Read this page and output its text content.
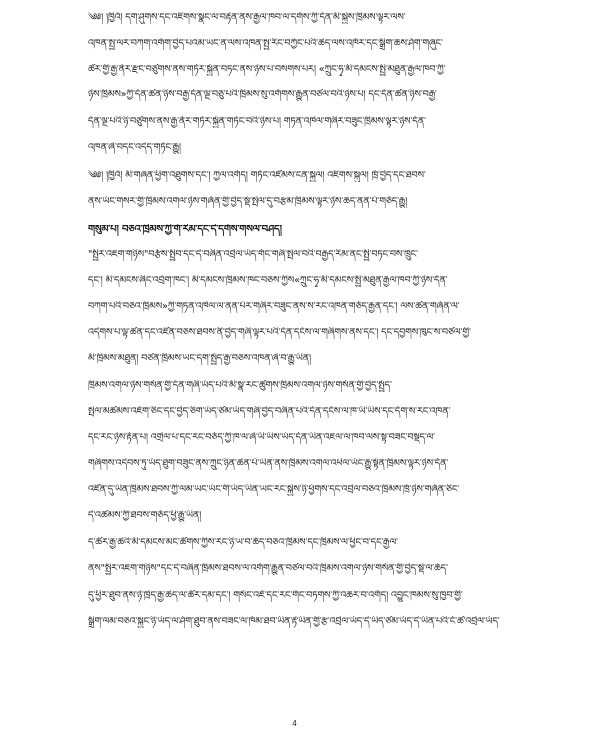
༄༅། །ཁྱིའོ། དག་ཤུགས་དང་འཇིགས་སྣང་ལ་བརྟེན་ནས་རྒྱལ་ཁབ་ལ་དགོས་ཀྱི་དོན་མི་སྐྱེས་ཁྲིམས་ལྟར་ལས་
འཁན་སྤྱ་ལར་བཀག་འགོག་བྱེད་པའམ་ཡང་ན་ལས་འཁན་སྤྱ་རིང་བཀྱོང་པའི་ཆེད་ལས་འཁོར་དང་སྒྲིག་ཆས་ཤོག་གཞུང་
ཚེར་གྱི་རྒྱ་ནོར་རྫང་བཙུགས་ནས་གཏོར་སྐྱོན་བཏང་ནས་ཉེས་པ་བསགས་པར། «ཀྲུང་ཧྭ་མི་དམངས་སྤྱི་མཐུན་རྒྱལ་ཁབ་ཀྱི་
ཉེས་ཁྲིམས»ཀྱི་དོན་ཚན་ཉིས་བརྒྱ་དོན་ལྔ་བཅུ་པའི་ཁྲིམས་སུ་འགོགས་རྒྱུན་བཙལ་བའི་ཉེས་པ། དང་དོན་ཚན་ཉིས་བརྒྱ་
དོན་ལྔ་པའི་ཉི་བཙུགས་ནས་རྒྱ་ནོར་གཏོར་སྐྱོན་གཏོང་བའི་ཉེས་པ། གཏན་འཁེལ་གཞིར་བཟུང་ཁྲིམས་ལྟར་ཉེས་དོན་
འཁན་ཞེ་བདང་འདེད་གཏོང་རྒྱུ།
༄༅། །ཁྱིའོ། མི་གཞན་ཕྱིག་འཐུགས་དང་། ཀྱལ་འགོད། གཏོང་འཛོམས་ངན་སྐྱལ། འཇིགས་སྐུལ། ཁྲོ་བྱེད་དང་ཐབས་
ནས་ཡོང་གསར་གྱི་ཁྲིམས་འགལ་ཉེས་གཞོན་གྱི་བྱེད་སྡོ་སྤེལ་དུ་བརྩམ་ཁྲིམས་ལྟར་ཉེས་ཆད་ནན་པོ་གཅོད་རྒྱུ།
གསུམ་པ། བཅའ་ཁྲིམས་ཀྱི་གོ་རིམ་དང་དེ་དགོས་གསལ་བཤད།
"སྤྱིར་འཇག་གཉིས"བརྩོས་སྤྱིབ་དང་དེ་བཞིན་འབྲེལ་ཡོད་གོང་གཞི་སྤེལ་བའི་བརྒྱད་རིམ་ནང་སྤྱི་བཏང་བས་ཁྲུང་
དང་། མི་དམངས་ཞིང་འབྲོག་ཁང་། མི་དམངས་ཁྲིམས་ཁང་བཅས་ཀྱིས«ཀྲུང་ཧྭ་མི་དམངས་སྤྱི་མཐུན་རྒྱལ་ཁབ་ཀྱི་ཉེས་དོན་
བཀག་པའི་བཅའ་ཁྲིམས»ཀྱི་གཏན་འཁེལ་ལ་ནན་པོར་གཞིར་བཟུང་ནས་ས་རང་འཁན་གཅོད་རྒྱན་དང་། ལས་ཚན་གཞོན་ལ་
འདེགས་པ་ལྟ་ཚན་དང་འཛིན་བཅས་ཐབས་ནི་བྱེད་གཞི་ལྟར་པའི་དོན་དངོས་ལ་གཞིགས་ནས་དང་། དང་དབྱགས་ཁུང་ས་བཙལ་གྱི་
མི་ཁྲིམས་མཐུན། བཙན་ཁྲིམས་ཡང་དག་སྤྱོད་རྒྱ་བཅས་འཁན་ཞེ་བ་རྒྱུ་ཡིན།
ཁྲིམས་འགལ་ཉེས་གསོན་གྱི་དོན་གཞི་ཡོད་པའི་མི་སྣ་རང་ཚུགས་ཁྲིམས་འགལ་ཉེས་གསོན་གྱི་བྱེད་སྤྱོད་
སྤེལ་མཚམས་འཇོག་ཅིང་དང་བྱེད་ཅིག་ཡོད་ཙམ་ཡོད་གཞི་བྱེད་བཞིན་པའི་དོན་དངོས་ལ་ཁ་ཡི་ཡིས་དང་དོག་ས་རང་འཁན་
དང་རང་ཉེས་རྟོན་པ། འགྲེལ་པ་དང་རང་བཅོད་ཀྱི་ཁ་ལ་ཞེ་ཡི་ཡིས་ཡོད་དོན་ཡིན་འཇལ་ལ་ཁབ་ལས་སྟ་བཟང་བསྡད་ལ་
གཞིགས་འདེབས་ཏུ་ཡོད་ཐུག་བཟུང་ནས་ཀྲུང་ཉིན་ཆེན་པོ་ཡིན་ནས་ཁྲིམས་འགལ་འཕེལ་ཡོང་རྒྱུ་སྟོན་ཁྲིམས་ལྟར་ཉེས་དོན་
འཛིན་དུ་ཡིན་ཁྲིམས་ཐབས་ཀྱི་ལམ་ཡང་ཡོང་གི་ཡོད་ཡིན་ཡང་རང་སྐྱེས་ཉི་ཕྱོགས་དང་འབྲེལ་བཅའ་ཁྲིམས་ཁྲོ་ཉེས་གཞོན་ཅིང་
དེ་འཚམས་ཀྱི་ཐབས་གཅོད་ཕྱི་རྒྱུ་ཡིན།
ད་ཚོར་རྒྱ་ཆེའི་མི་དམངས་མང་ཚོགས་ཀྱིས་རང་ཉི་ཡ་བ་ཆོད་བཅའ་ཁྲིམས་དང་ཁྲིམས་ལ་ཕྱིང་བ་དང་རྒྱལ་
ནས"སྤྱིར་འཇག་གཉིས"དང་དེ་བཞིན་ཁྲིམས་ཐབས་ལ་འགོག་རྒྱུན་བཙལ་བའི་ཁྲིམས་འགལ་ཉེས་གསོན་གྱི་བྱེད་སྡེ་ལ་ཆོད་
དུ་ཕྱིར་ཐུབ་ནས་ཉེ་ཁྲེད་རྒྱ་ཆེད་ལ་ཚོར་དམ་དང་། གསོང་འཇོ་དང་རང་གོང་བཏགས་ཀྱི་འཆར་བ་འགོད། འབྱུང་ཁམས་སུ་ཁྱབ་གྱི་
སྒྲིག་ལམ་བཅའ་སྐྱང་ཉི་ཡོད་ལ་ཤོག་ཐུབ་ནས་བཟང་ལ་ཁོམ་ཐབ་ཡིན་རྟེ་ཡིན་གྱི་རྩ་འབྲེལ་ཡོད་དེ་ཡིད་ཙམ་ཡོད་དེ་ཡིན་པའི་ངོ་ཚ་འབྲེལ་ཡོད་
4
